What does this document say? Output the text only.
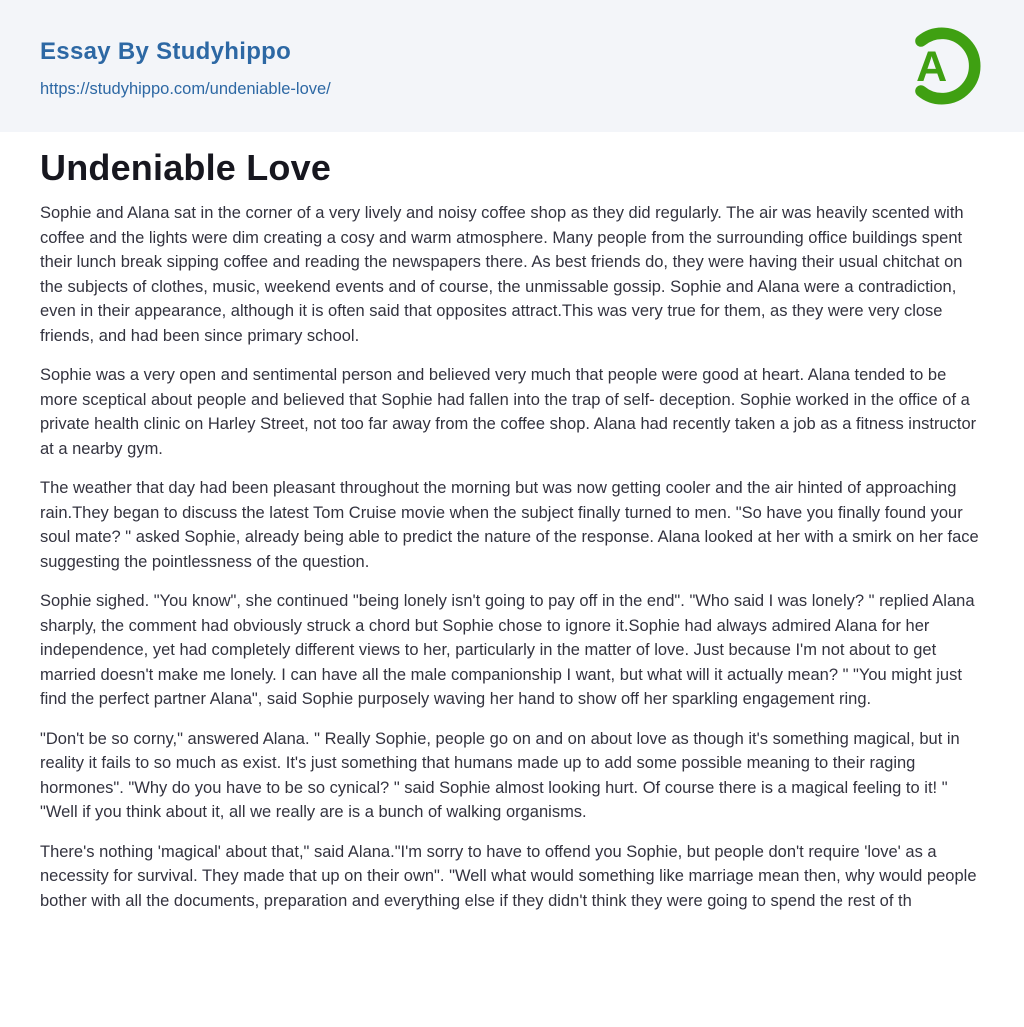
Essay By Studyhippo
https://studyhippo.com/undeniable-love/	A
Undeniable Love

Sophie and Alana sat in the corner of a very lively and noisy coffee shop as they did regularly. The air was heavily scented with coffee and the lights were dim creating a cosy and warm atmosphere. Many people from the surrounding office buildings spent their lunch break sipping coffee and reading the newspapers there. As best friends do, they were having their usual chitchat on the subjects of clothes, music, weekend events and of course, the unmissable gossip. Sophie and Alana were a contradiction, even in their appearance, although it is often said that opposites attract.This was very true for them, as they were very close friends, and had been since primary school.

Sophie was a very open and sentimental person and believed very much that people were good at heart. Alana tended to be more sceptical about people and believed that Sophie had fallen into the trap of self- deception. Sophie worked in the office of a private health clinic on Harley Street, not too far away from the coffee shop. Alana had recently taken a job as a fitness instructor at a nearby gym.

The weather that day had been pleasant throughout the morning but was now getting cooler and the air hinted of approaching rain.They began to discuss the latest Tom Cruise movie when the subject finally turned to men. "So have you finally found your soul mate? " asked Sophie, already being able to predict the nature of the response. Alana looked at her with a smirk on her face suggesting the pointlessness of the question.

Sophie sighed. "You know", she continued "being lonely isn't going to pay off in the end". "Who said I was lonely? " replied Alana sharply, the comment had obviously struck a chord but Sophie chose to ignore it.Sophie had always admired Alana for her independence, yet had completely different views to her, particularly in the matter of love. Just because I'm not about to get married doesn't make me lonely. I can have all the male companionship I want, but what will it actually mean? " "You might just find the perfect partner Alana", said Sophie purposely waving her hand to show off her sparkling engagement ring.

"Don't be so corny," answered Alana. " Really Sophie, people go on and on about love as though it's something magical, but in reality it fails to so much as exist. It's just something that humans made up to add some possible meaning to their raging hormones". "Why do you have to be so cynical? " said Sophie almost looking hurt. Of course there is a magical feeling to it! " "Well if you think about it, all we really are is a bunch of walking organisms.

There's nothing 'magical' about that," said Alana."I'm sorry to have to offend you Sophie, but people don't require 'love' as a necessity for survival. They made that up on their own". "Well what would something like marriage mean then, why would people bother with all the documents, preparation and everything else if they didn't think they were going to spend the rest of th
